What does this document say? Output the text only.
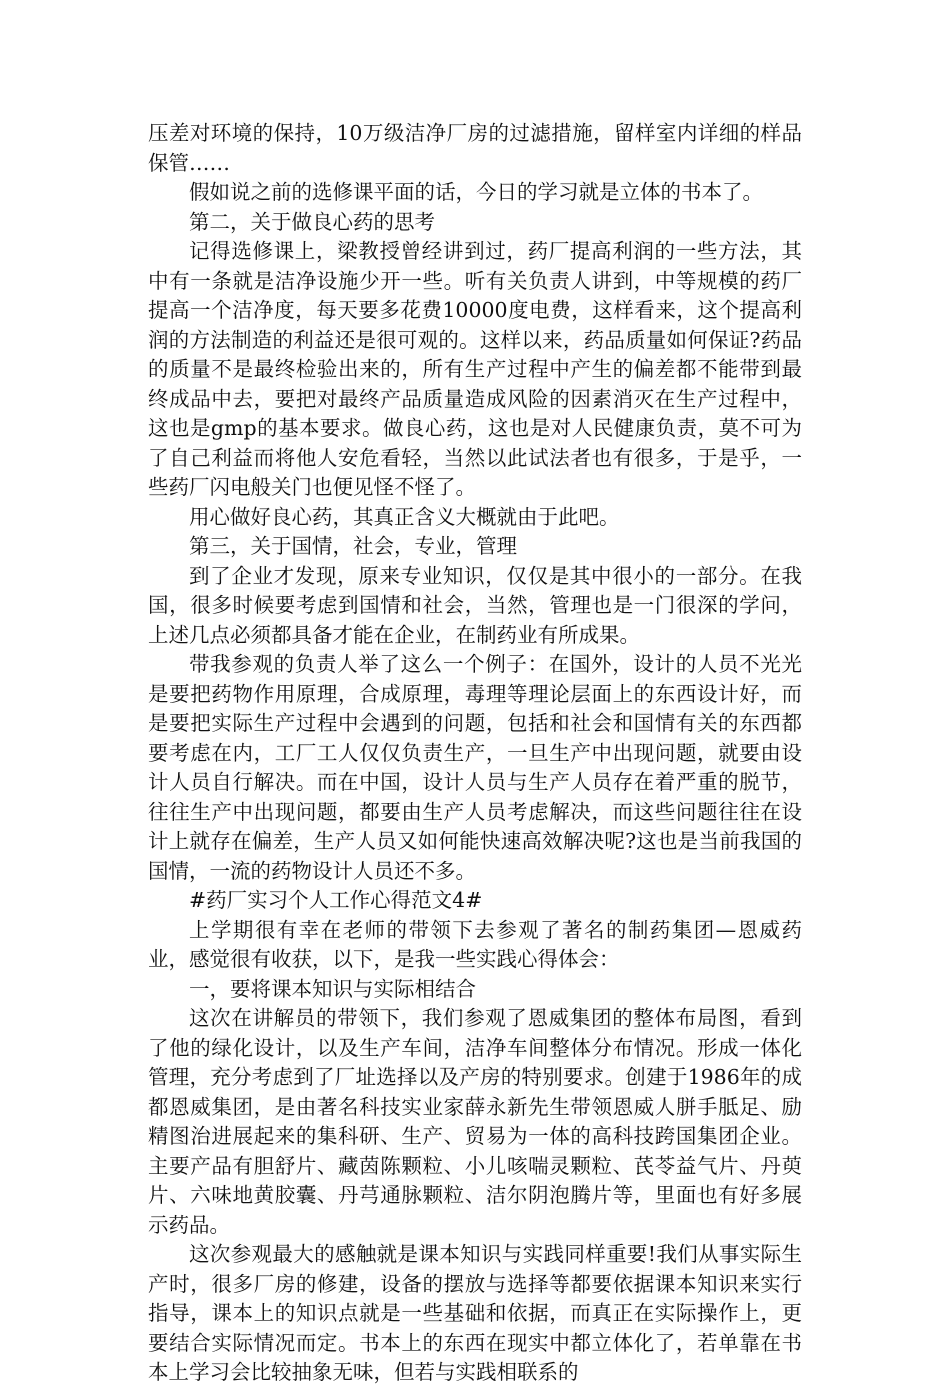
压差对环境的保持，10万级洁净厂房的过滤措施，留样室内详细的样品保管……

假如说之前的选修课平面的话，今日的学习就是立体的书本了。

第二，关于做良心药的思考

记得选修课上，梁教授曾经讲到过，药厂提高利润的一些方法，其中有一条就是洁净设施少开一些。听有关负责人讲到，中等规模的药厂提高一个洁净度，每天要多花费10000度电费，这样看来，这个提高利润的方法制造的利益还是很可观的。这样以来，药品质量如何保证?药品的质量不是最终检验出来的，所有生产过程中产生的偏差都不能带到最终成品中去，要把对最终产品质量造成风险的因素消灭在生产过程中，这也是gmp的基本要求。做良心药，这也是对人民健康负责，莫不可为了自己利益而将他人安危看轻，当然以此试法者也有很多，于是乎，一些药厂闪电般关门也便见怪不怪了。

用心做好良心药，其真正含义大概就由于此吧。

第三，关于国情，社会，专业，管理

到了企业才发现，原来专业知识，仅仅是其中很小的一部分。在我国，很多时候要考虑到国情和社会，当然，管理也是一门很深的学问，上述几点必须都具备才能在企业，在制药业有所成果。

带我参观的负责人举了这么一个例子：在国外，设计的人员不光光是要把药物作用原理，合成原理，毒理等理论层面上的东西设计好，而是要把实际生产过程中会遇到的问题，包括和社会和国情有关的东西都要考虑在内，工厂工人仅仅负责生产，一旦生产中出现问题，就要由设计人员自行解决。而在中国，设计人员与生产人员存在着严重的脱节，往往生产中出现问题，都要由生产人员考虑解决，而这些问题往往在设计上就存在偏差，生产人员又如何能快速高效解决呢?这也是当前我国的国情，一流的药物设计人员还不多。

#药厂实习个人工作心得范文4#

上学期很有幸在老师的带领下去参观了著名的制药集团—恩威药业，感觉很有收获，以下，是我一些实践心得体会：

一，要将课本知识与实际相结合

这次在讲解员的带领下，我们参观了恩威集团的整体布局图，看到了他的绿化设计，以及生产车间，洁净车间整体分布情况。形成一体化管理，充分考虑到了厂址选择以及产房的特别要求。创建于1986年的成都恩威集团，是由著名科技实业家薛永新先生带领恩威人胼手胝足、励精图治进展起来的集科研、生产、贸易为一体的高科技跨国集团企业。主要产品有胆舒片、藏茵陈颗粒、小儿咳喘灵颗粒、芪苓益气片、丹萸片、六味地黄胶囊、丹芎通脉颗粒、洁尔阴泡腾片等，里面也有好多展示药品。

这次参观最大的感触就是课本知识与实践同样重要!我们从事实际生产时，很多厂房的修建，设备的摆放与选择等都要依据课本知识来实行指导，课本上的知识点就是一些基础和依据，而真正在实际操作上，更要结合实际情况而定。书本上的东西在现实中都立体化了，若单靠在书本上学习会比较抽象无味，但若与实践相联系的
